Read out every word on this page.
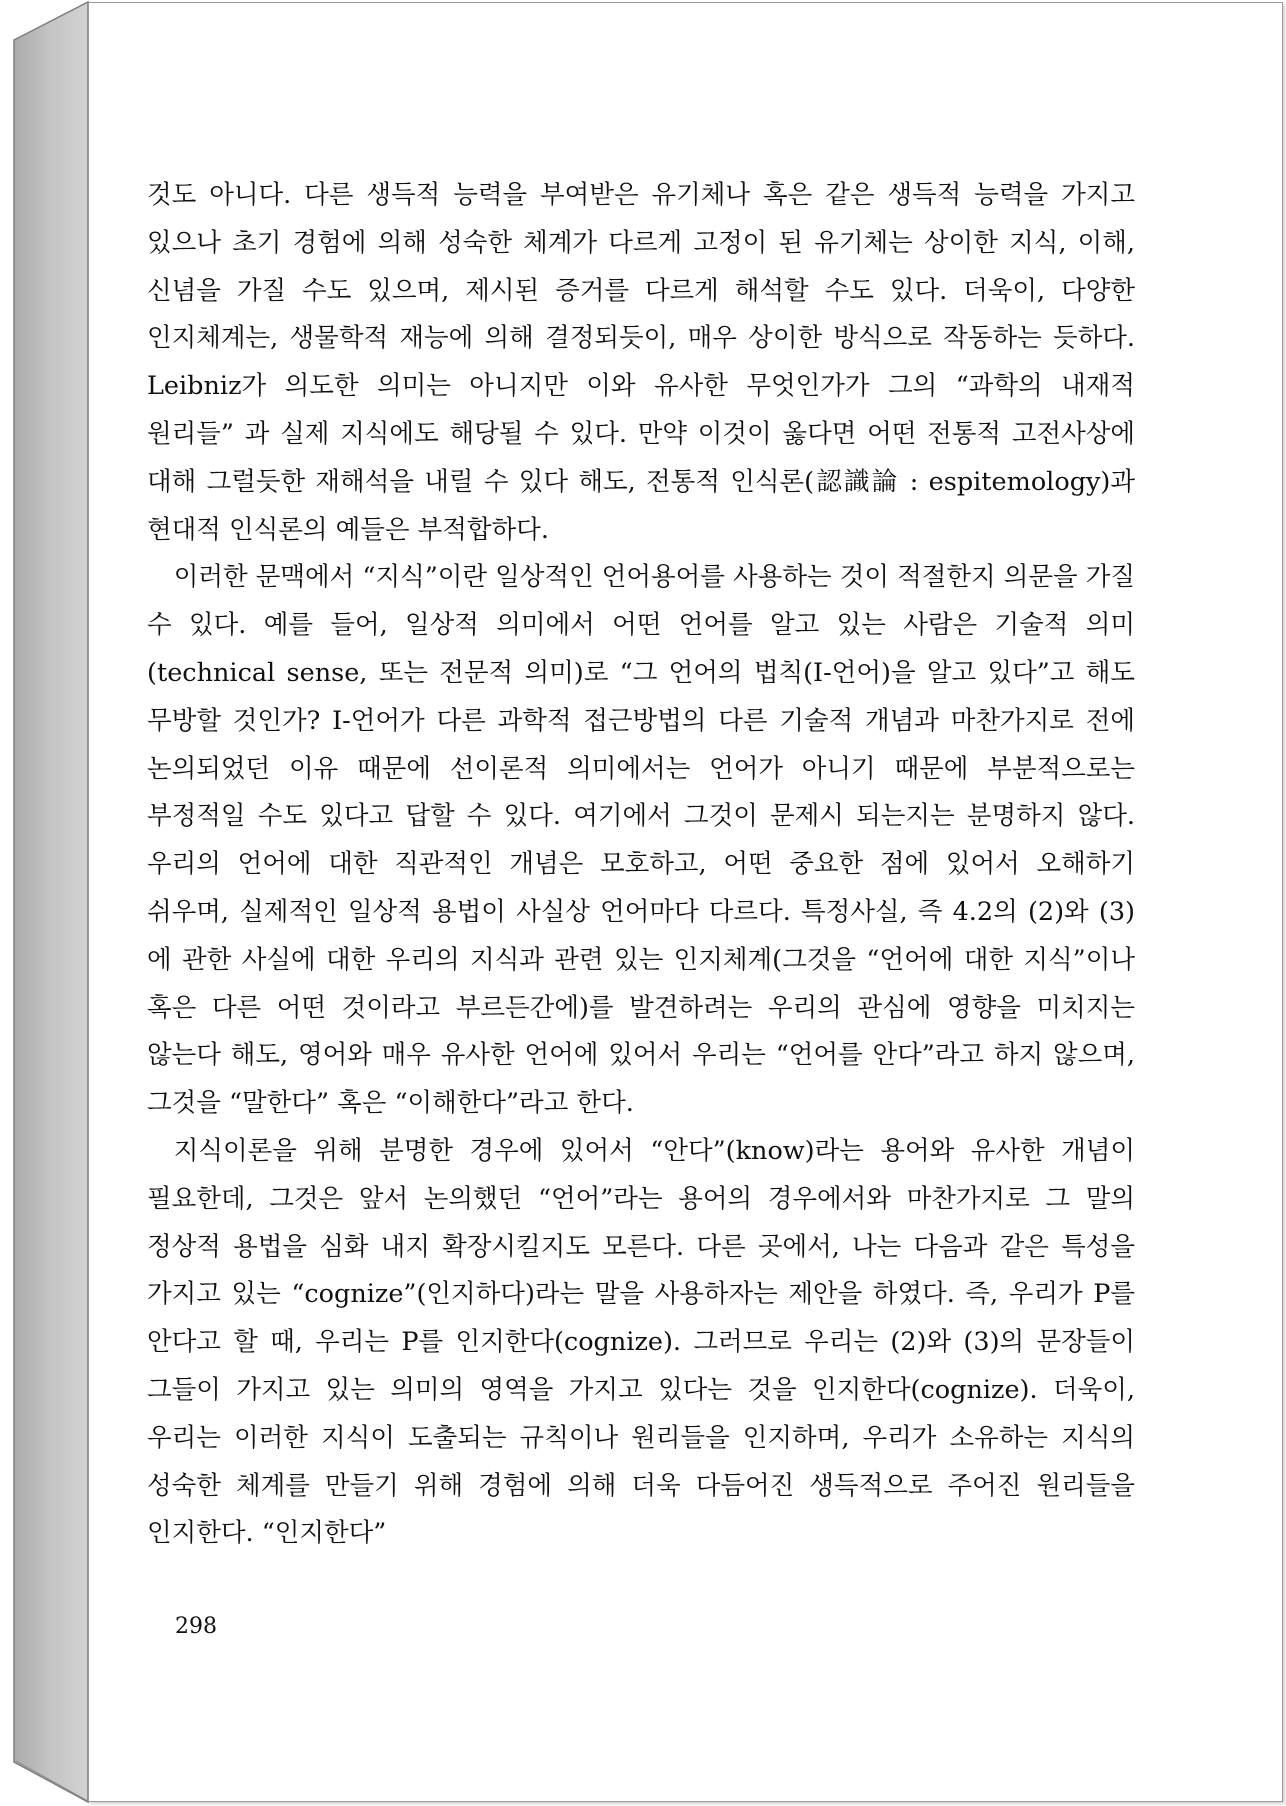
것도 아니다. 다른 생득적 능력을 부여받은 유기체나 혹은 같은 생득적 능력을 가지고 있으나 초기 경험에 의해 성숙한 체계가 다르게 고정이 된 유기체는 상이한 지식, 이해, 신념을 가질 수도 있으며, 제시된 증거를 다르게 해석할 수도 있다. 더욱이, 다양한 인지체계는, 생물학적 재능에 의해 결정되듯이, 매우 상이한 방식으로 작동하는 듯하다. Leibniz가 의도한 의미는 아니지만 이와 유사한 무엇인가가 그의 “과학의 내재적 원리들” 과 실제 지식에도 해당될 수 있다. 만약 이것이 옳다면 어떤 전통적 고전사상에 대해 그럴듯한 재해석을 내릴 수 있다 해도, 전통적 인식론(認識論 : espitemology)과 현대적 인식론의 예들은 부적합하다.

이러한 문맥에서 “지식”이란 일상적인 언어용어를 사용하는 것이 적절한지 의문을 가질 수 있다. 예를 들어, 일상적 의미에서 어떤 언어를 알고 있는 사람은 기술적 의미(technical sense, 또는 전문적 의미)로 “그 언어의 법칙(I-언어)을 알고 있다”고 해도 무방할 것인가? I-언어가 다른 과학적 접근방법의 다른 기술적 개념과 마찬가지로 전에 논의되었던 이유 때문에 선이론적 의미에서는 언어가 아니기 때문에 부분적으로는 부정적일 수도 있다고 답할 수 있다. 여기에서 그것이 문제시 되는지는 분명하지 않다. 우리의 언어에 대한 직관적인 개념은 모호하고, 어떤 중요한 점에 있어서 오해하기 쉬우며, 실제적인 일상적 용법이 사실상 언어마다 다르다. 특정사실, 즉 4.2의 (2)와 (3)에 관한 사실에 대한 우리의 지식과 관련 있는 인지체계(그것을 “언어에 대한 지식”이나 혹은 다른 어떤 것이라고 부르든간에)를 발견하려는 우리의 관심에 영향을 미치지는 않는다 해도, 영어와 매우 유사한 언어에 있어서 우리는 “언어를 안다”라고 하지 않으며, 그것을 “말한다” 혹은 “이해한다”라고 한다.

지식이론을 위해 분명한 경우에 있어서 “안다”(know)라는 용어와 유사한 개념이 필요한데, 그것은 앞서 논의했던 “언어”라는 용어의 경우에서와 마찬가지로 그 말의 정상적 용법을 심화 내지 확장시킬지도 모른다. 다른 곳에서, 나는 다음과 같은 특성을 가지고 있는 “cognize”(인지하다)라는 말을 사용하자는 제안을 하였다. 즉, 우리가 P를 안다고 할 때, 우리는 P를 인지한다(cognize). 그러므로 우리는 (2)와 (3)의 문장들이 그들이 가지고 있는 의미의 영역을 가지고 있다는 것을 인지한다(cognize). 더욱이, 우리는 이러한 지식이 도출되는 규칙이나 원리들을 인지하며, 우리가 소유하는 지식의 성숙한 체계를 만들기 위해 경험에 의해 더욱 다듬어진 생득적으로 주어진 원리들을 인지한다. “인지한다”

298
